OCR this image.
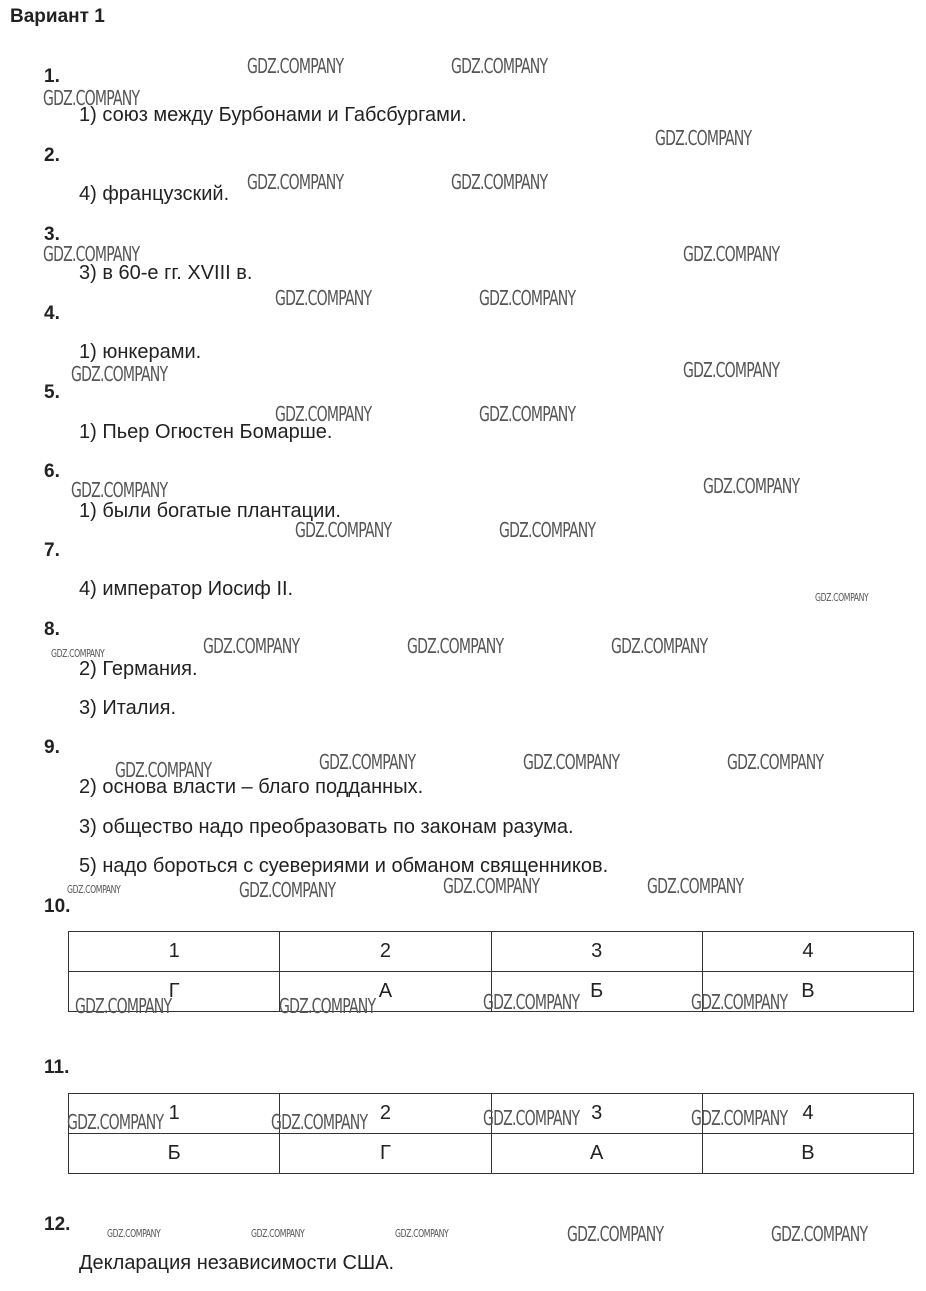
Вариант 1
1.
1) союз между Бурбонами и Габсбургами.
2.
4) французский.
3.
3) в 60-е гг. XVIII в.
4.
1) юнкерами.
5.
1) Пьер Огюстен Бомарше.
6.
1) были богатые плантации.
7.
4) император Иосиф II.
8.
2) Германия.
3) Италия.
9.
2) основа власти – благо подданных.
3) общество надо преобразовать по законам разума.
5) надо бороться с суевериями и обманом священников.
10.
1	2	3	4
Г	А	Б	В
11.
1	2	3	4
Б	Г	А	В
12.
Декларация независимости США.
GDZ.COMPANY	GDZ.COMPANY
GDZ.COMPANY
GDZ.COMPANY
GDZ.COMPANY	GDZ.COMPANY
GDZ.COMPANY	GDZ.COMPANY
GDZ.COMPANY	GDZ.COMPANY
GDZ.COMPANY	GDZ.COMPANY
GDZ.COMPANY	GDZ.COMPANY
GDZ.COMPANY	GDZ.COMPANY
GDZ.COMPANY	GDZ.COMPANY
GDZ.COMPANY
GDZ.COMPANY	GDZ.COMPANY	GDZ.COMPANY
GDZ.COMPANY
GDZ.COMPANY	GDZ.COMPANY	GDZ.COMPANY
GDZ.COMPANY
GDZ.COMPANY	GDZ.COMPANY
GDZ.COMPANY
GDZ.COMPANY
GDZ.COMPANY	GDZ.COMPANY	GDZ.COMPANY	GDZ.COMPANY
GDZ.COMPANY	GDZ.COMPANY	GDZ.COMPANY	GDZ.COMPANY
GDZ.COMPANY	GDZ.COMPANY	GDZ.COMPANY	GDZ.COMPANY	GDZ.COMPANY
